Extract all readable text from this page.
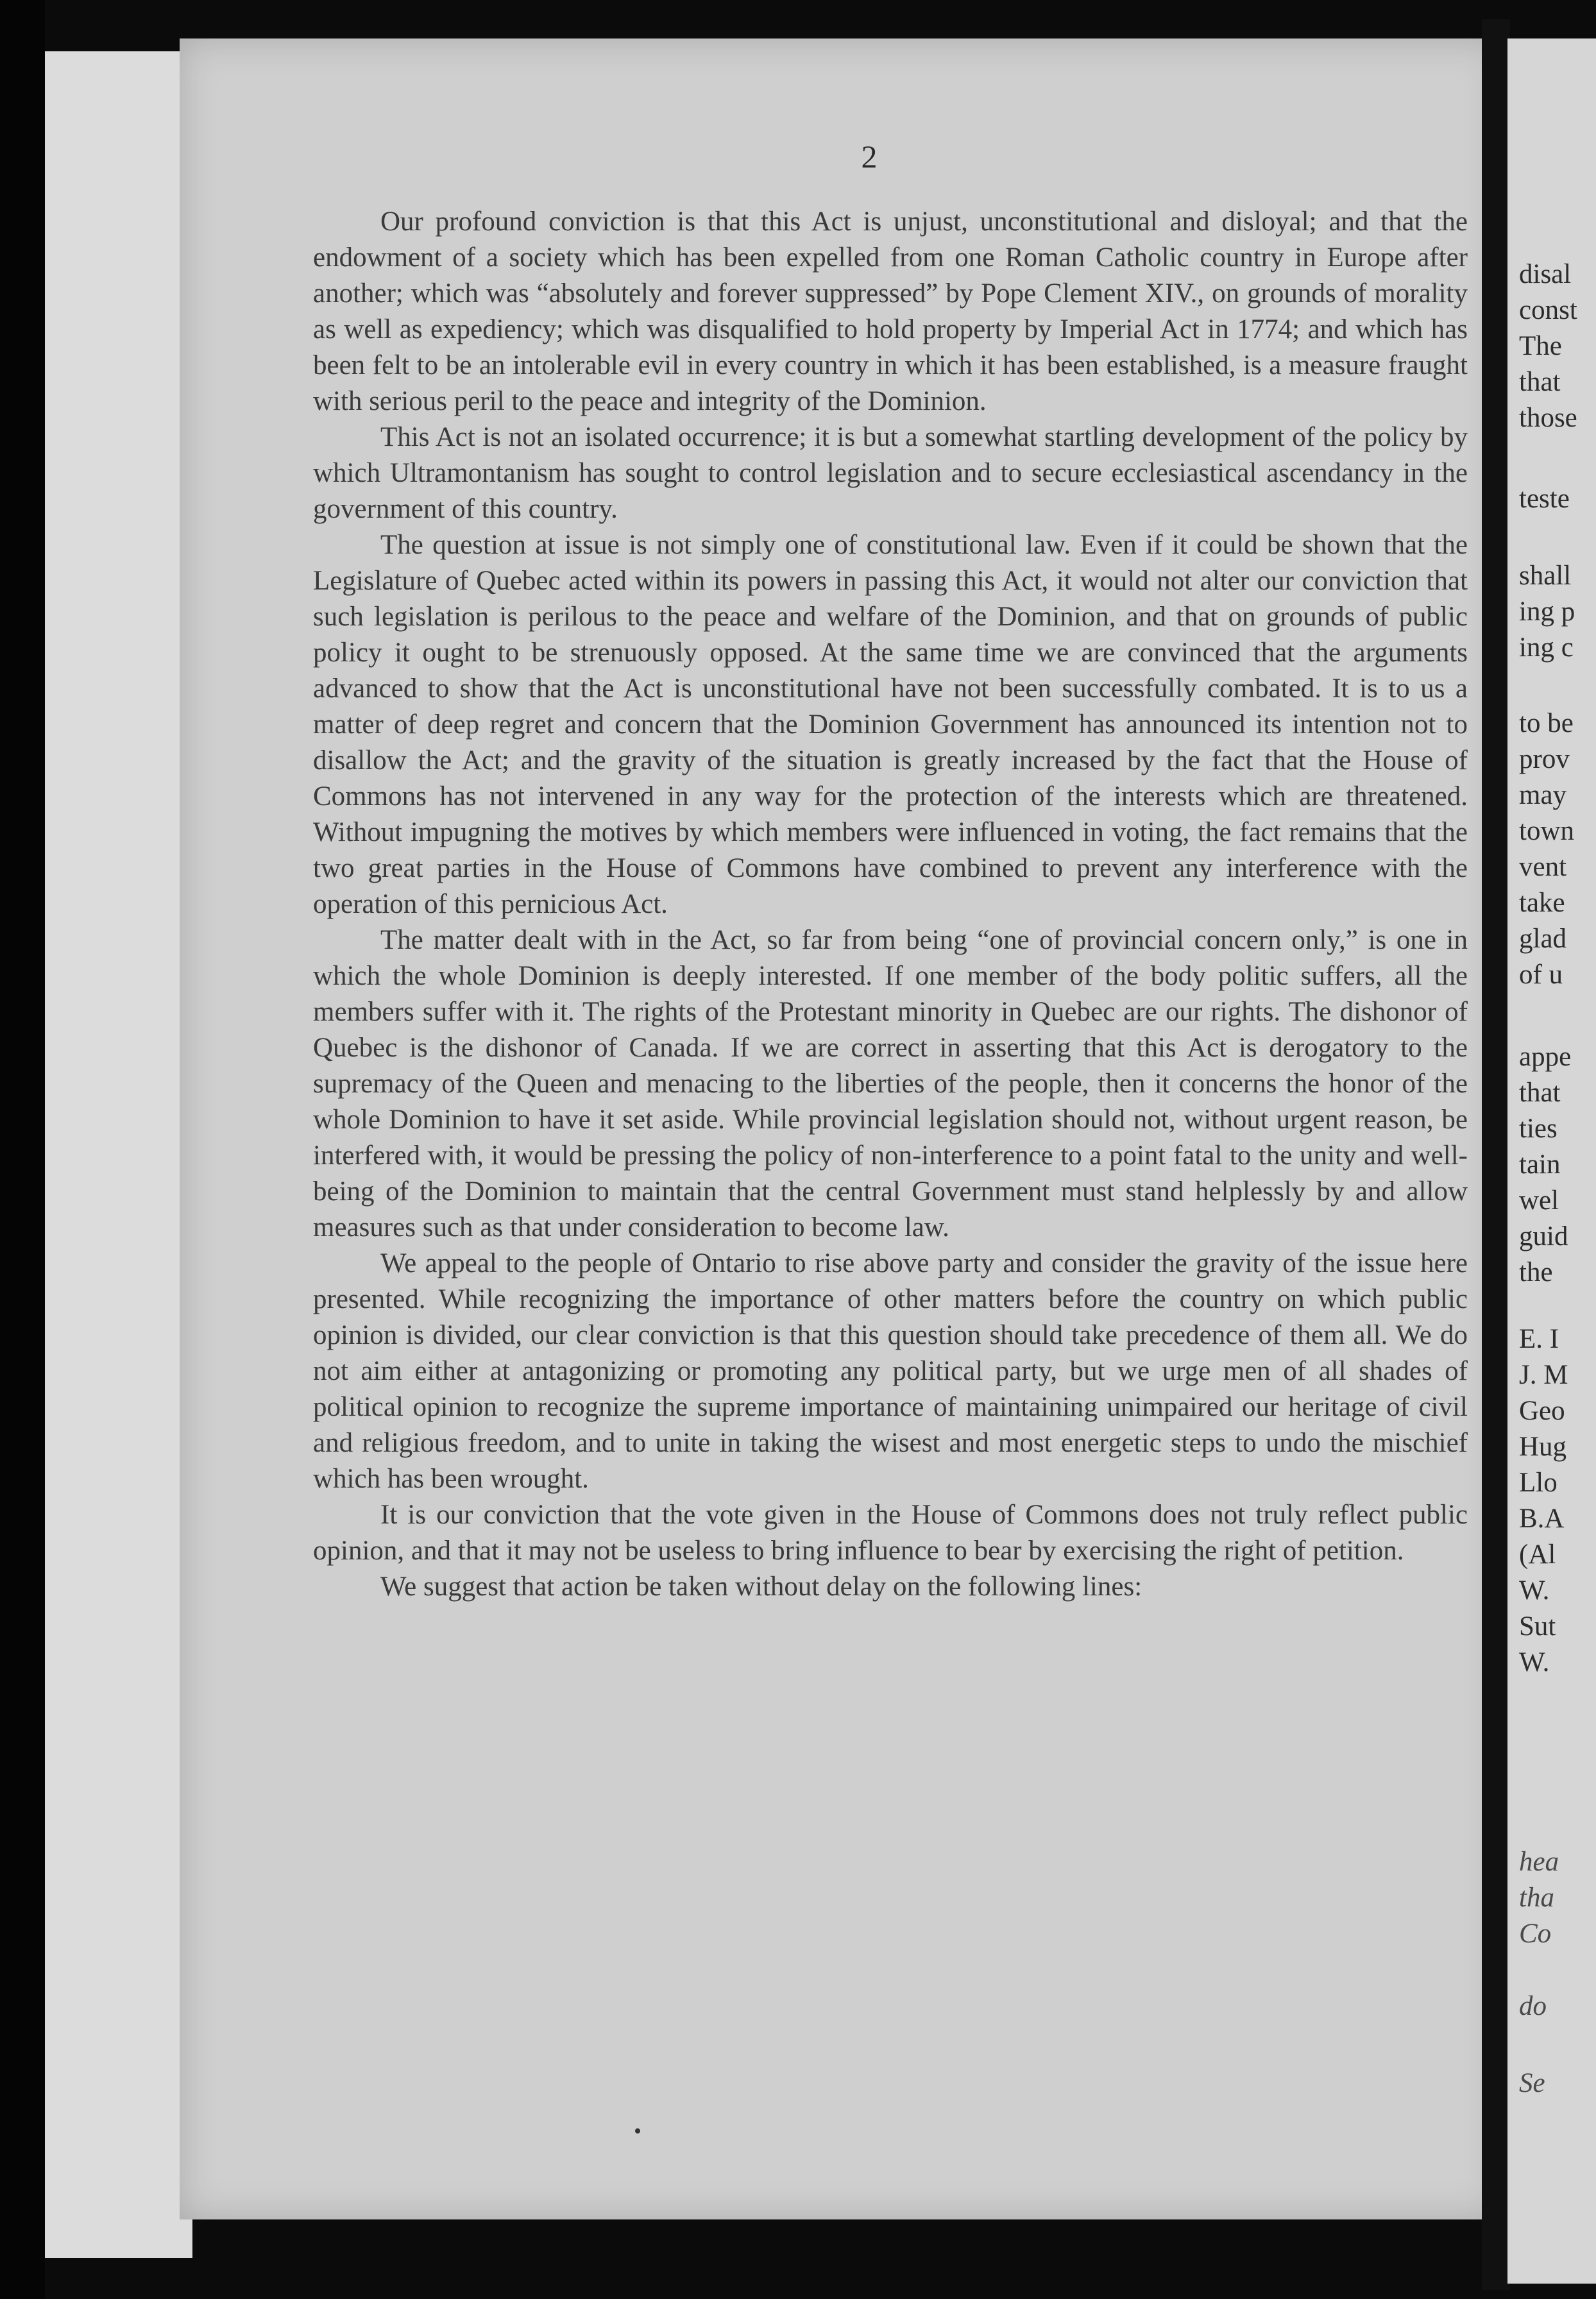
2

Our profound conviction is that this Act is unjust, unconstitutional and disloyal; and that the endowment of a society which has been expelled from one Roman Catholic country in Europe after another; which was “absolutely and forever suppressed” by Pope Clement XIV., on grounds of morality as well as expediency; which was disqualified to hold property by Imperial Act in 1774; and which has been felt to be an intolerable evil in every country in which it has been established, is a measure fraught with serious peril to the peace and integrity of the Dominion.

This Act is not an isolated occurrence; it is but a somewhat startling development of the policy by which Ultramontanism has sought to control legislation and to secure ecclesiastical ascendancy in the government of this country.

The question at issue is not simply one of constitutional law. Even if it could be shown that the Legislature of Quebec acted within its powers in passing this Act, it would not alter our conviction that such legislation is perilous to the peace and welfare of the Dominion, and that on grounds of public policy it ought to be strenuously opposed. At the same time we are convinced that the arguments advanced to show that the Act is unconstitutional have not been successfully combated. It is to us a matter of deep regret and concern that the Dominion Government has announced its intention not to disallow the Act; and the gravity of the situation is greatly increased by the fact that the House of Commons has not intervened in any way for the protection of the interests which are threatened. Without impugning the motives by which members were influenced in voting, the fact remains that the two great parties in the House of Commons have combined to prevent any interference with the operation of this pernicious Act.

The matter dealt with in the Act, so far from being “one of provincial concern only,” is one in which the whole Dominion is deeply interested. If one member of the body politic suffers, all the members suffer with it. The rights of the Protestant minority in Quebec are our rights. The dishonor of Quebec is the dishonor of Canada. If we are correct in asserting that this Act is derogatory to the supremacy of the Queen and menacing to the liberties of the people, then it concerns the honor of the whole Dominion to have it set aside. While provincial legislation should not, without urgent reason, be interfered with, it would be pressing the policy of non-interference to a point fatal to the unity and well-being of the Dominion to maintain that the central Government must stand helplessly by and allow measures such as that under consideration to become law.

We appeal to the people of Ontario to rise above party and consider the gravity of the issue here presented. While recognizing the importance of other matters before the country on which public opinion is divided, our clear conviction is that this question should take precedence of them all. We do not aim either at antagonizing or promoting any political party, but we urge men of all shades of political opinion to recognize the supreme importance of maintaining unimpaired our heritage of civil and religious freedom, and to unite in taking the wisest and most energetic steps to undo the mischief which has been wrought.

It is our conviction that the vote given in the House of Commons does not truly reflect public opinion, and that it may not be useless to bring influence to bear by exercising the right of petition.

We suggest that action be taken without delay on the following lines:

disal
const
The
that
those
teste
shall
ing p
ing c
to be
prov
may
town
vent
take
glad
of u
appe
that
ties
tain
wel
guid
the
E. I
J. M
Geo
Hug
Llo
B.A
(Al
W.
Sut
W.
hea
tha
Co
do
Se
